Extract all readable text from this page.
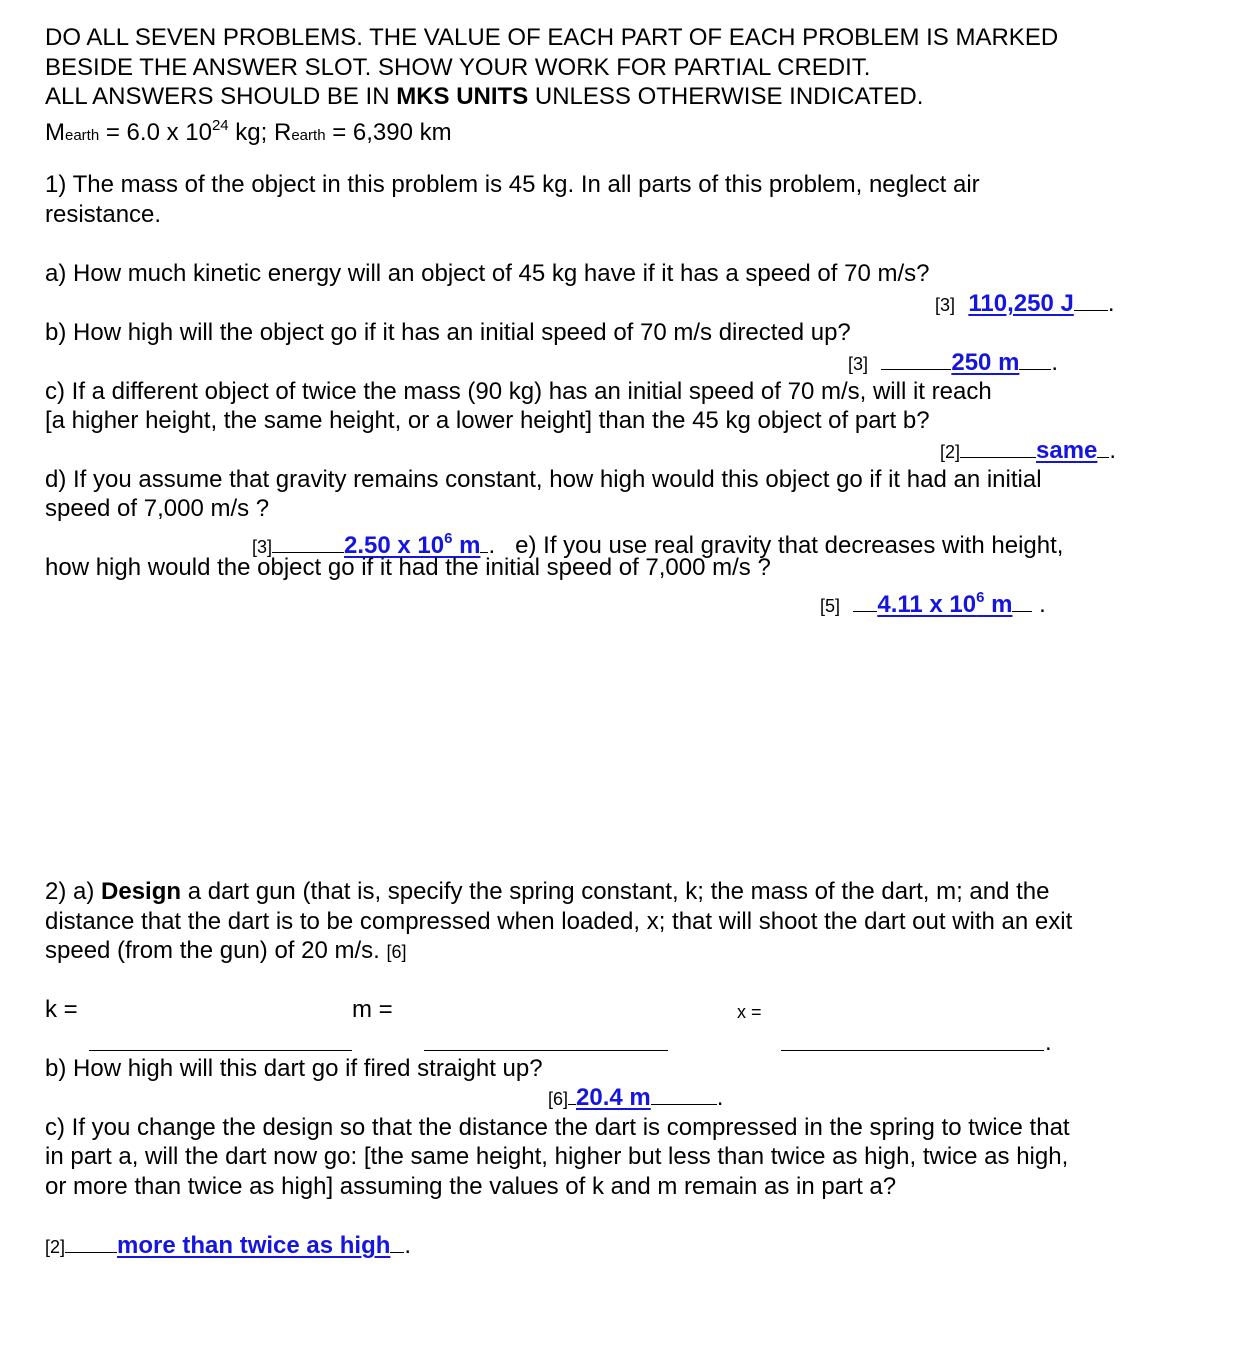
DO ALL SEVEN PROBLEMS. THE VALUE OF EACH PART OF EACH PROBLEM IS MARKED
BESIDE THE ANSWER SLOT. SHOW YOUR WORK FOR PARTIAL CREDIT.
ALL ANSWERS SHOULD BE IN MKS UNITS UNLESS OTHERWISE INDICATED.
Mearth = 6.0 x $10^{24}$ kg; Rearth = 6,390 km
1) The mass of the object in this problem is 45 kg. In all parts of this problem, neglect air
resistance.
a) How much kinetic energy will an object of 45 kg have if it has a speed of 70 m/s?
[3] 110,250 J .
b) How high will the object go if it has an initial speed of 70 m/s directed up?
[3]	250 m .
c) If a different object of twice the mass (90 kg) has an initial speed of 70 m/s, will it reach
[a higher height, the same height, or a lower height] than the 45 kg object of part b?
[2]	same .
d) If you assume that gravity remains constant, how high would this object go if it had an initial
speed of 7,000 m/s ?
[3]	2.50 x $10^6$ m .   e) If you use real gravity that decreases with height,
how high would the object go if it had the initial speed of 7,000 m/s ?
[5] 4.11 x $10^6$ m .
2) a) Design a dart gun (that is, specify the spring constant, k; the mass of the dart, m; and the
distance that the dart is to be compressed when loaded, x; that will shoot the dart out with an exit
speed (from the gun) of 20 m/s. [6]
k =	m =	x =
.
b) How high will this dart go if fired straight up?
[6] 20.4 m	.
c) If you change the design so that the distance the dart is compressed in the spring to twice that
in part a, will the dart now go: [the same height, higher but less than twice as high, twice as high,
or more than twice as high] assuming the values of k and m remain as in part a?
[2] more than twice as high .
